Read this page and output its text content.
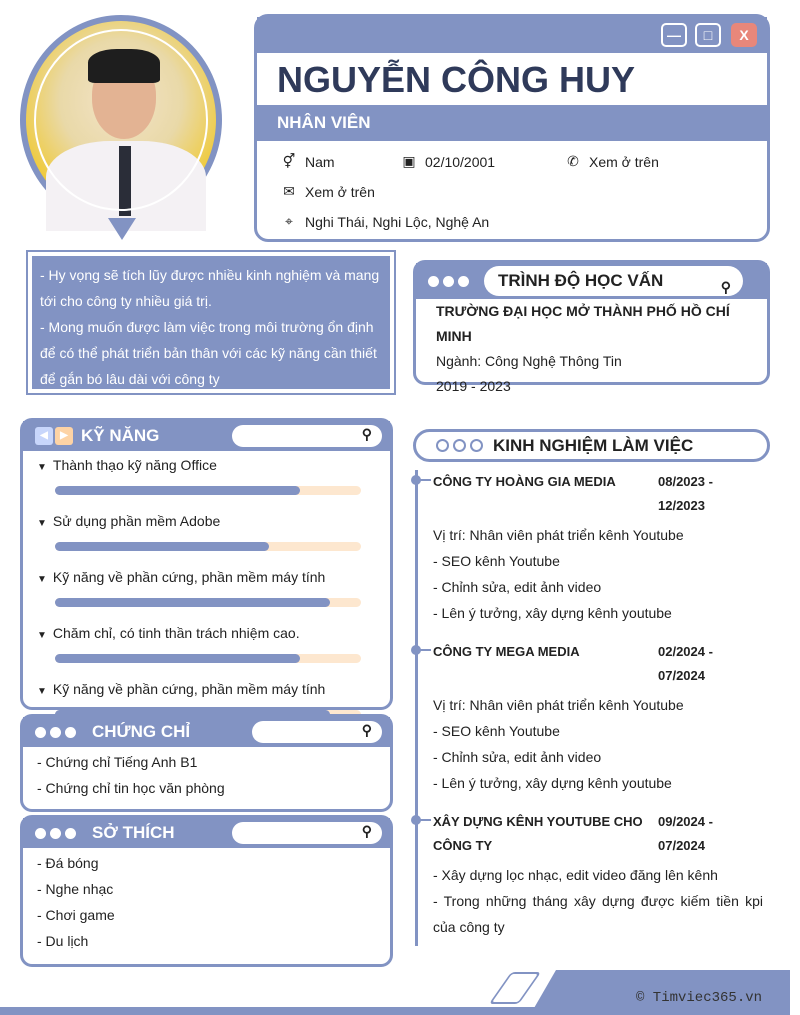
—	□	X
NGUYỄN CÔNG HUY
NHÂN VIÊN
⚥ Nam	▣ 02/10/2001	✆ Xem ở trên
✉ Xem ở trên
⌖ Nghi Thái, Nghi Lộc, Nghệ An
- Hy vọng sẽ tích lũy được nhiều kinh nghiệm và mang tới cho công ty nhiều giá trị.
- Mong muốn được làm việc trong môi trường ổn định để có thể phát triển bản thân với các kỹ năng cần thiết để gắn bó lâu dài với công ty
TRÌNH ĐỘ HỌC VẤN	⚲
TRƯỜNG ĐẠI HỌC MỞ THÀNH PHỐ HỒ CHÍ MINH
Ngành: Công Nghệ Thông Tin
2019 - 2023
◀	▶ KỸ NĂNG	⚲
▼ Thành thạo kỹ năng Office
▼ Sử dụng phần mềm Adobe
▼ Kỹ năng về phần cứng, phần mềm máy tính
▼ Chăm chỉ, có tinh thần trách nhiệm cao.
▼ Kỹ năng về phần cứng, phần mềm máy tính
CHỨNG CHỈ	⚲
- Chứng chỉ Tiếng Anh B1
- Chứng chỉ tin học văn phòng
SỞ THÍCH	⚲
- Đá bóng
- Nghe nhạc
- Chơi game
- Du lịch
KINH NGHIỆM LÀM VIỆC
CÔNG TY HOÀNG GIA MEDIA	08/2023 -
12/2023
Vị trí: Nhân viên phát triển kênh Youtube
- SEO kênh Youtube
- Chỉnh sửa, edit ảnh video
- Lên ý tưởng, xây dựng kênh youtube
CÔNG TY MEGA MEDIA	02/2024 -
07/2024
Vị trí: Nhân viên phát triển kênh Youtube
- SEO kênh Youtube
- Chỉnh sửa, edit ảnh video
- Lên ý tưởng, xây dựng kênh youtube
XÂY DỰNG KÊNH YOUTUBE CHO CÔNG TY
09/2024 -
07/2024
- Xây dựng lọc nhạc, edit video đăng lên kênh
- Trong những tháng xây dựng được kiếm tiền kpi của công ty
© Timviec365.vn
